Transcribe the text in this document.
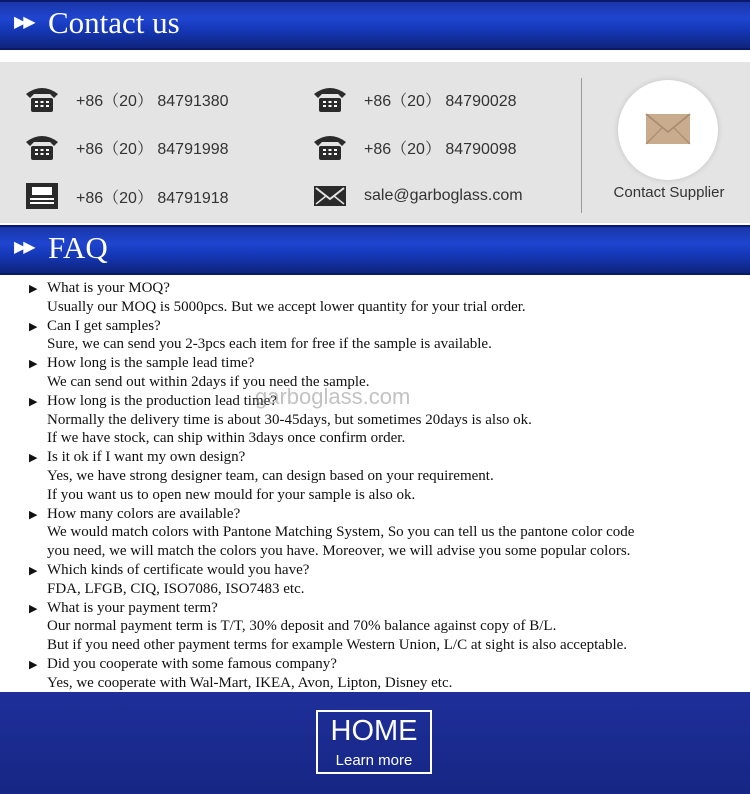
▶▶ Contact us
+86（20） 84791380
+86（20） 84791998
+86（20） 84791918
+86（20） 84790028
+86（20） 84790098
sale@garboglass.com	Contact Supplier
▶▶ FAQ
▶ What is your MOQ?
Usually our MOQ is 5000pcs. But we accept lower quantity for your trial order.
▶ Can I get samples?
Sure, we can send you 2-3pcs each item for free if the sample is available.
▶ How long is the sample lead time?
We can send out within 2days if you need the sample.
▶ How long is the production lead time?
Normally the delivery time is about 30-45days, but sometimes 20days is also ok.
If we have stock, can ship within 3days once confirm order.
▶ Is it ok if I want my own design?
Yes, we have strong designer team, can design based on your requirement.
If you want us to open new mould for your sample is also ok.
▶ How many colors are available?
We would match colors with Pantone Matching System, So you can tell us the pantone color code
you need, we will match the colors you have. Moreover, we will advise you some popular colors.
▶ Which kinds of certificate would you have?
FDA, LFGB, CIQ, ISO7086, ISO7483 etc.
▶ What is your payment term?
Our normal payment term is T/T, 30% deposit and 70% balance against copy of B/L.
But if you need other payment terms for example Western Union, L/C at sight is also acceptable.
▶ Did you cooperate with some famous company?
Yes, we cooperate with Wal-Mart, IKEA, Avon, Lipton, Disney etc.
garboglass.com
HOME
Learn more
